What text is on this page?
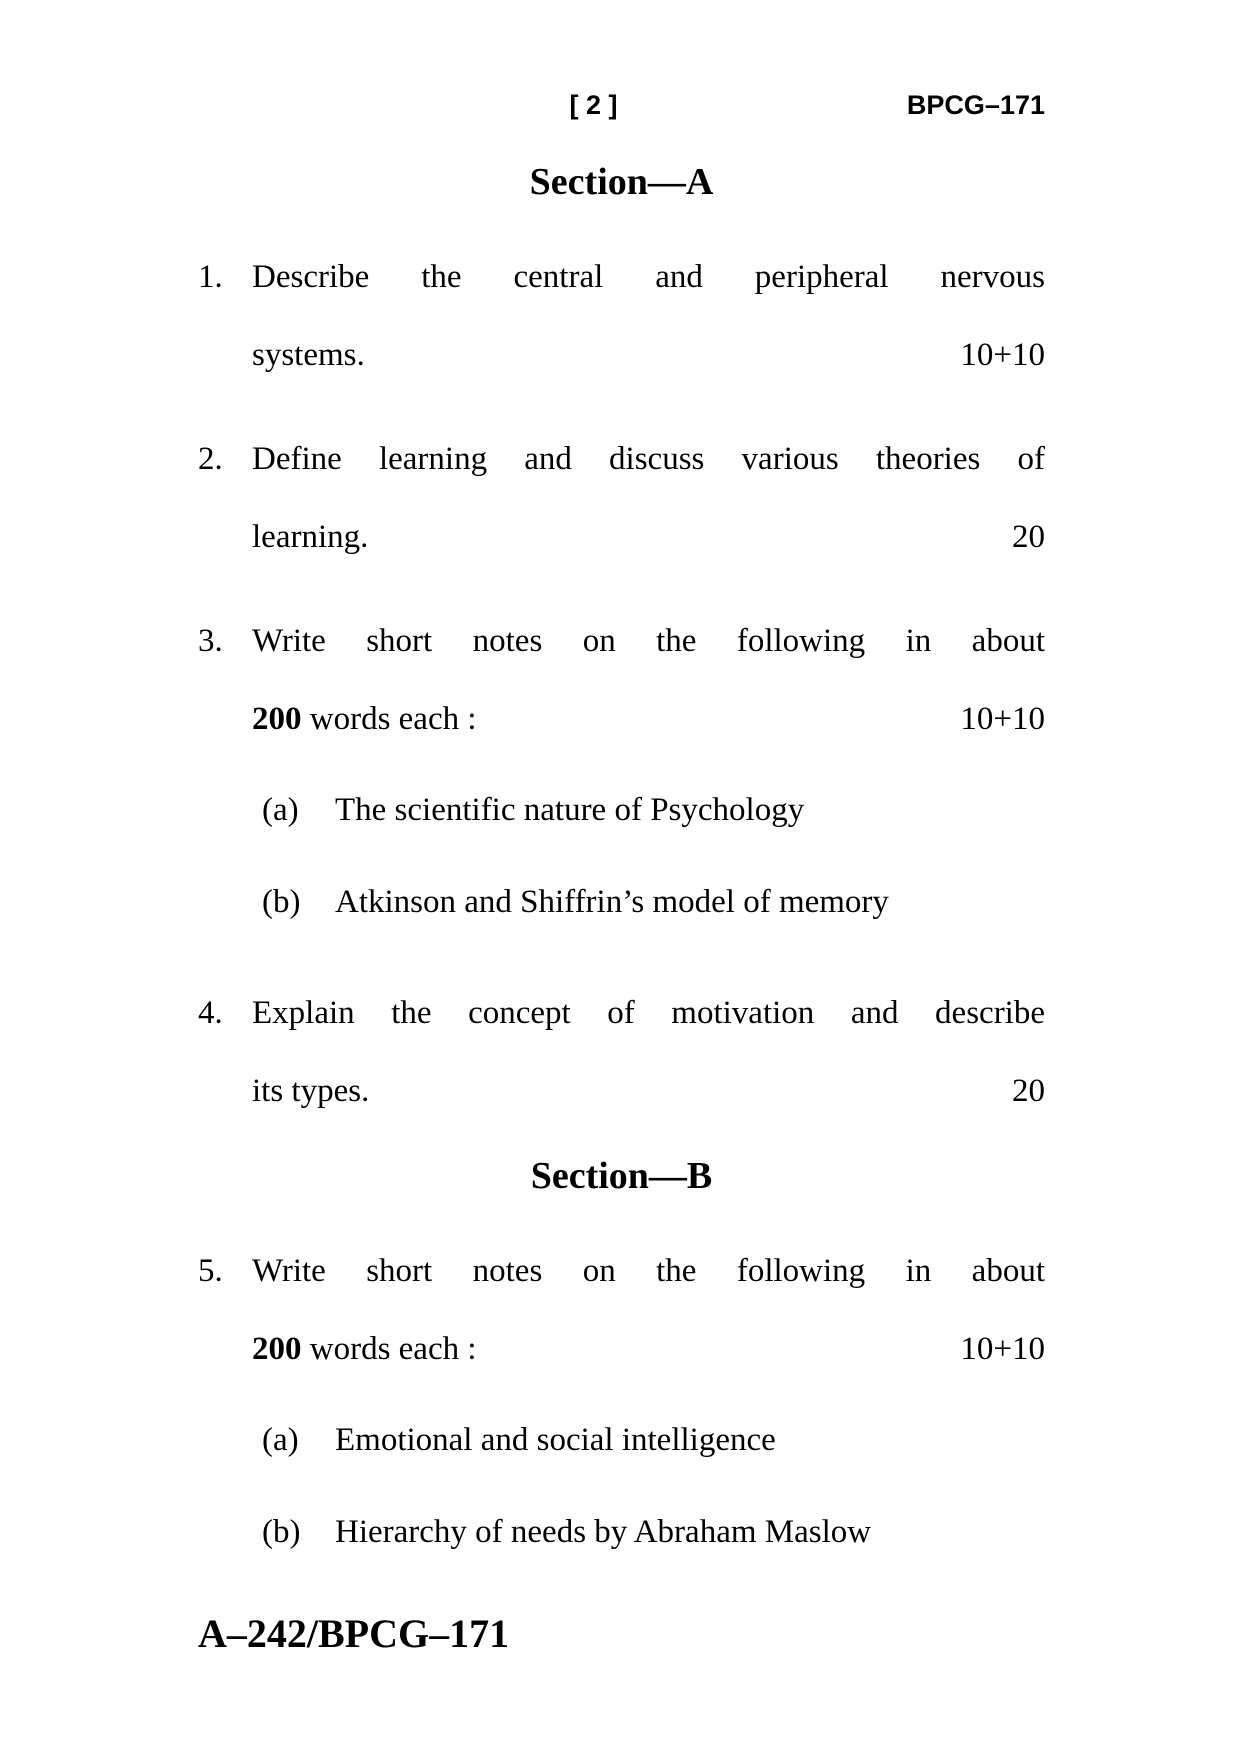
[ 2 ]	BPCG–171
Section—A
1. Describe the central and peripheral nervous
systems.	10+10
2. Define learning and discuss various theories of
learning.	20
3. Write short notes on the following in about
200 words each :	10+10
(a)	The scientific nature of Psychology
(b)	Atkinson and Shiffrin’s model of memory
4. Explain the concept of motivation and describe
its types.	20
Section—B
5. Write short notes on the following in about
200 words each :	10+10
(a)	Emotional and social intelligence
(b)	Hierarchy of needs by Abraham Maslow
A–242/BPCG–171
